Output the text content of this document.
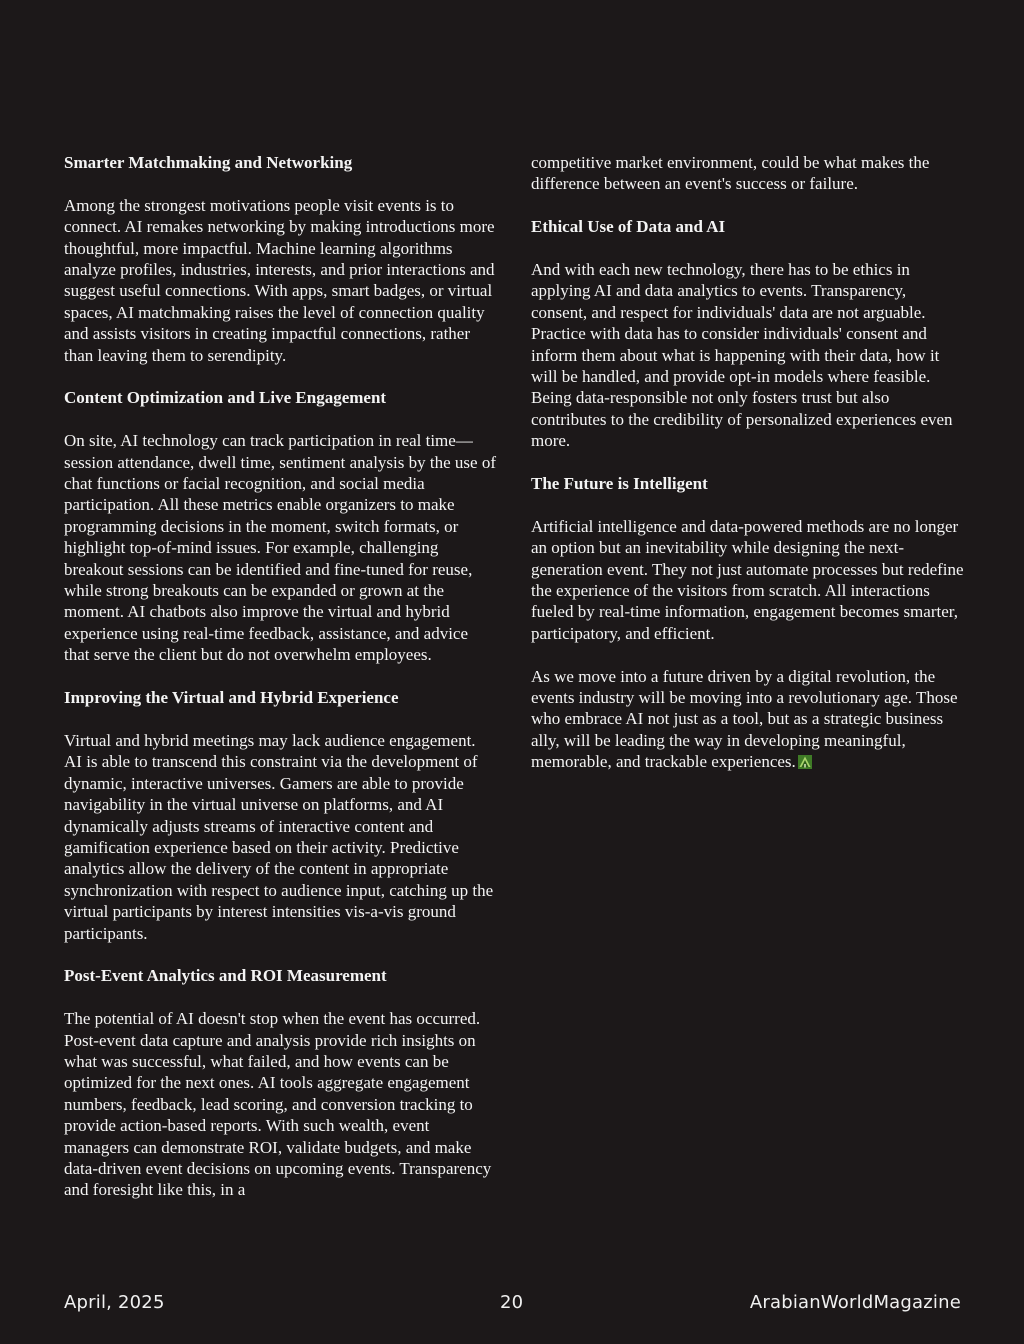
Smarter Matchmaking and Networking

Among the strongest motivations people visit events is to connect. AI remakes networking by making introductions more thoughtful, more impactful. Machine learning algorithms analyze profiles, industries, interests, and prior interactions and suggest useful connections. With apps, smart badges, or virtual spaces, AI matchmaking raises the level of connection quality and assists visitors in creating impactful connections, rather than leaving them to serendipity.

Content Optimization and Live Engagement

On site, AI technology can track participation in real time—session attendance, dwell time, sentiment analysis by the use of chat functions or facial recognition, and social media participation. All these metrics enable organizers to make programming decisions in the moment, switch formats, or highlight top-of-mind issues. For example, challenging breakout sessions can be identified and fine-tuned for reuse, while strong breakouts can be expanded or grown at the moment. AI chatbots also improve the virtual and hybrid experience using real-time feedback, assistance, and advice that serve the client but do not overwhelm employees.

Improving the Virtual and Hybrid Experience

Virtual and hybrid meetings may lack audience engagement. AI is able to transcend this constraint via the development of dynamic, interactive universes. Gamers are able to provide navigability in the virtual universe on platforms, and AI dynamically adjusts streams of interactive content and gamification experience based on their activity. Predictive analytics allow the delivery of the content in appropriate synchronization with respect to audience input, catching up the virtual participants by interest intensities vis-a-vis ground participants.

Post-Event Analytics and ROI Measurement

The potential of AI doesn't stop when the event has occurred. Post-event data capture and analysis provide rich insights on what was successful, what failed, and how events can be optimized for the next ones. AI tools aggregate engagement numbers, feedback, lead scoring, and conversion tracking to provide action-based reports. With such wealth, event managers can demonstrate ROI, validate budgets, and make data-driven event decisions on upcoming events. Transparency and foresight like this, in a

competitive market environment, could be what makes the difference between an event's success or failure.

Ethical Use of Data and AI

And with each new technology, there has to be ethics in applying AI and data analytics to events. Transparency, consent, and respect for individuals' data are not arguable. Practice with data has to consider individuals' consent and inform them about what is happening with their data, how it will be handled, and provide opt-in models where feasible. Being data-responsible not only fosters trust but also contributes to the credibility of personalized experiences even more.

The Future is Intelligent

Artificial intelligence and data-powered methods are no longer an option but an inevitability while designing the next-generation event. They not just automate processes but redefine the experience of the visitors from scratch. All interactions fueled by real-time information, engagement becomes smarter, participatory, and efficient.

As we move into a future driven by a digital revolution, the events industry will be moving into a revolutionary age. Those who embrace AI not just as a tool, but as a strategic business ally, will be leading the way in developing meaningful, memorable, and trackable experiences.

April, 2025	20	ArabianWorldMagazine
